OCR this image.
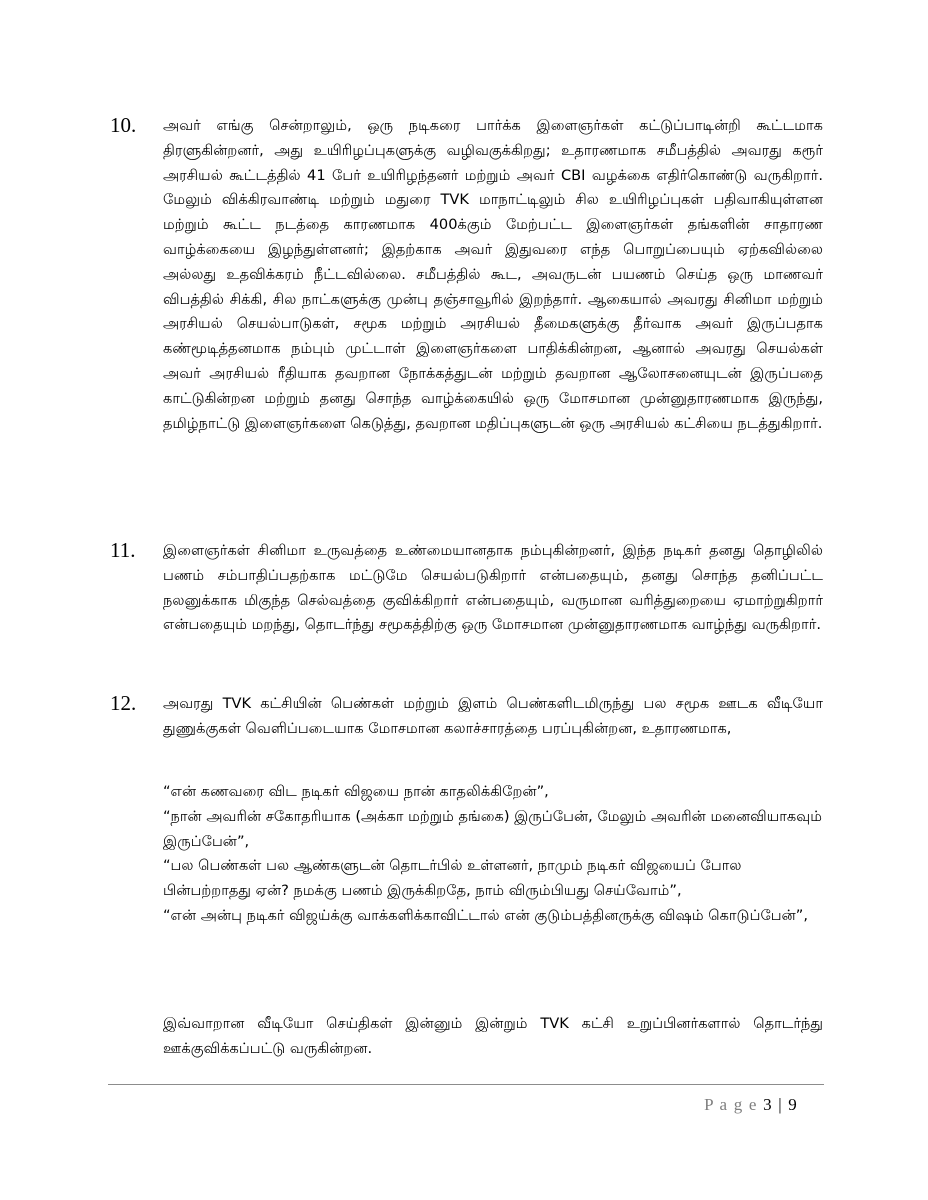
10. அவர் எங்கு சென்றாலும், ஒரு நடிகரை பார்க்க இளைஞர்கள் கட்டுப்பாடின்றி கூட்டமாக திரளுகின்றனர், அது உயிரிழப்புகளுக்கு வழிவகுக்கிறது; உதாரணமாக சமீபத்தில் அவரது கரூர் அரசியல் கூட்டத்தில் 41 பேர் உயிரிழந்தனர் மற்றும் அவர் CBI வழக்கை எதிர்கொண்டு வருகிறார். மேலும் விக்கிரவாண்டி மற்றும் மதுரை TVK மாநாட்டிலும் சில உயிரிழப்புகள் பதிவாகியுள்ளன மற்றும் கூட்ட நடத்தை காரணமாக 400க்கும் மேற்பட்ட இளைஞர்கள் தங்களின் சாதாரண வாழ்க்கையை இழந்துள்ளனர்; இதற்காக அவர் இதுவரை எந்த பொறுப்பையும் ஏற்கவில்லை அல்லது உதவிக்கரம் நீட்டவில்லை. சமீபத்தில் கூட, அவருடன் பயணம் செய்த ஒரு மாணவர் விபத்தில் சிக்கி, சில நாட்களுக்கு முன்பு தஞ்சாவூரில் இறந்தார். ஆகையால் அவரது சினிமா மற்றும் அரசியல் செயல்பாடுகள், சமூக மற்றும் அரசியல் தீமைகளுக்கு தீர்வாக அவர் இருப்பதாக கண்மூடித்தனமாக நம்பும் முட்டாள் இளைஞர்களை பாதிக்கின்றன, ஆனால் அவரது செயல்கள் அவர் அரசியல் ரீதியாக தவறான நோக்கத்துடன் மற்றும் தவறான ஆலோசனையுடன் இருப்பதை காட்டுகின்றன மற்றும் தனது சொந்த வாழ்க்கையில் ஒரு மோசமான முன்னுதாரணமாக இருந்து, தமிழ்நாட்டு இளைஞர்களை கெடுத்து, தவறான மதிப்புகளுடன் ஒரு அரசியல் கட்சியை நடத்துகிறார்.

11. இளைஞர்கள் சினிமா உருவத்தை உண்மையானதாக நம்புகின்றனர், இந்த நடிகர் தனது தொழிலில் பணம் சம்பாதிப்பதற்காக மட்டுமே செயல்படுகிறார் என்பதையும், தனது சொந்த தனிப்பட்ட நலனுக்காக மிகுந்த செல்வத்தை குவிக்கிறார் என்பதையும், வருமான வரித்துறையை ஏமாற்றுகிறார் என்பதையும் மறந்து, தொடர்ந்து சமூகத்திற்கு ஒரு மோசமான முன்னுதாரணமாக வாழ்ந்து வருகிறார்.

12. அவரது TVK கட்சியின் பெண்கள் மற்றும் இளம் பெண்களிடமிருந்து பல சமூக ஊடக வீடியோ துணுக்குகள் வெளிப்படையாக மோசமான கலாச்சாரத்தை பரப்புகின்றன, உதாரணமாக,

“என் கணவரை விட நடிகர் விஜயை நான் காதலிக்கிறேன்”,

“நான் அவரின் சகோதரியாக (அக்கா மற்றும் தங்கை) இருப்பேன், மேலும் அவரின் மனைவியாகவும் இருப்பேன்”,

“பல பெண்கள் பல ஆண்களுடன் தொடர்பில் உள்ளனர், நாமும் நடிகர் விஜயைப் போல பின்பற்றாதது ஏன்? நமக்கு பணம் இருக்கிறதே, நாம் விரும்பியது செய்வோம்”,

“என் அன்பு நடிகர் விஜய்க்கு வாக்களிக்காவிட்டால் என் குடும்பத்தினருக்கு விஷம் கொடுப்பேன்”,

இவ்வாறான வீடியோ செய்திகள் இன்னும் இன்றும் TVK கட்சி உறுப்பினர்களால் தொடர்ந்து ஊக்குவிக்கப்பட்டு வருகின்றன.

P a g e 3 | 9
